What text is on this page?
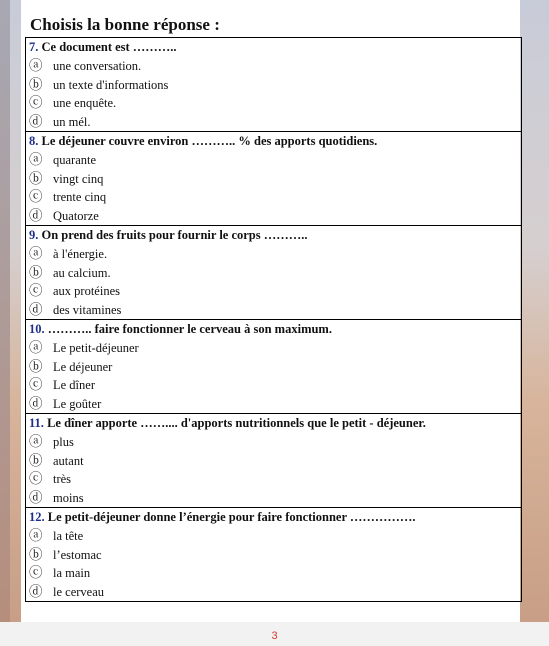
3
Choisis la bonne réponse :
7. Ce document est ………..
ⓐ une conversation.
ⓑ un texte d'informations
ⓒ une enquête.
ⓓ un mél.
8. Le déjeuner couvre environ ……….. % des apports quotidiens.
ⓐ quarante
ⓑ vingt cinq
ⓒ trente cinq
ⓓ Quatorze
9. On prend des fruits pour fournir le corps ………..
ⓐ à l'énergie.
ⓑ au calcium.
ⓒ aux protéines
ⓓ des vitamines
10. ……….. faire fonctionner le cerveau à son maximum.
ⓐ Le petit-déjeuner
ⓑ Le déjeuner
ⓒ Le dîner
ⓓ Le goûter
11. Le dîner apporte …….... d'apports nutritionnels que le petit - déjeuner.
ⓐ plus
ⓑ autant
ⓒ très
ⓓ moins
12. Le petit-déjeuner donne l’énergie pour faire fonctionner …………….
ⓐ la tête
ⓑ l’estomac
ⓒ la main
ⓓ le cerveau
